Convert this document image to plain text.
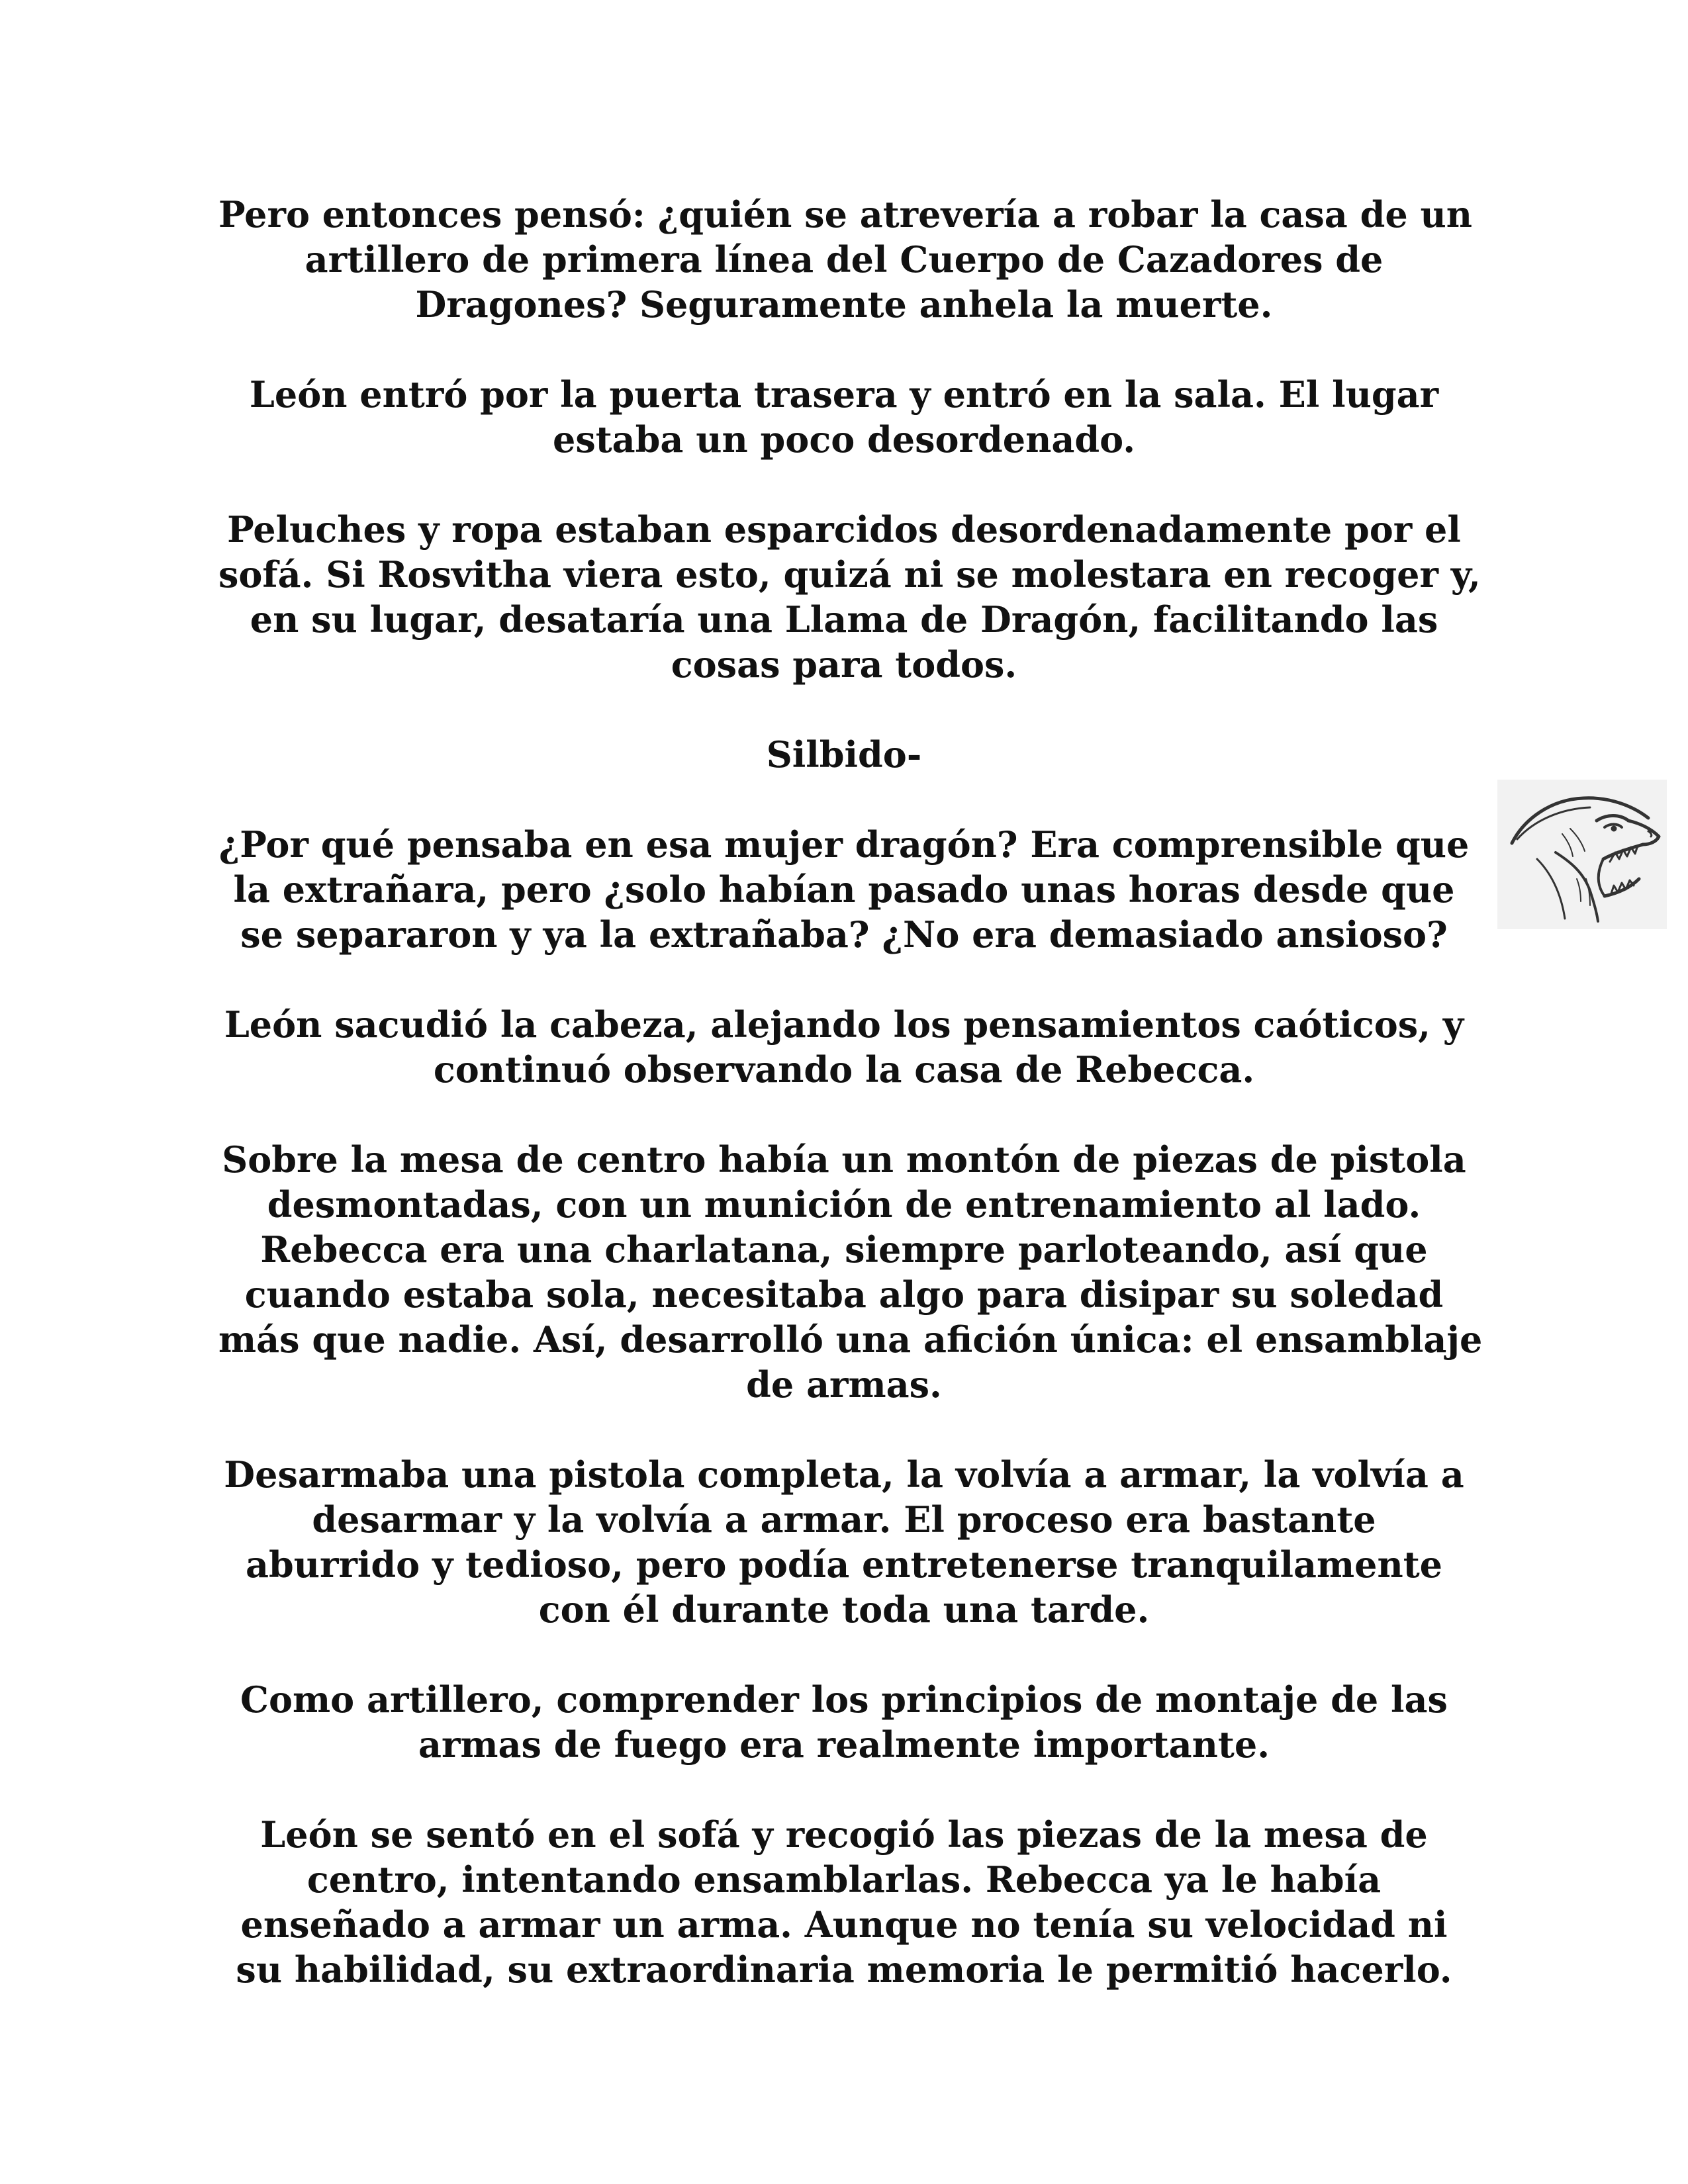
Pero entonces pensó: ¿quién se atrevería a robar la casa de un
artillero de primera línea del Cuerpo de Cazadores de
Dragones? Seguramente anhela la muerte.

León entró por la puerta trasera y entró en la sala. El lugar
estaba un poco desordenado.

Peluches y ropa estaban esparcidos desordenadamente por el
sofá. Si Rosvitha viera esto, quizá ni se molestara en recoger y,
en su lugar, desataría una Llama de Dragón, facilitando las
cosas para todos.

Silbido-

¿Por qué pensaba en esa mujer dragón? Era comprensible que
la extrañara, pero ¿solo habían pasado unas horas desde que
se separaron y ya la extrañaba? ¿No era demasiado ansioso?

León sacudió la cabeza, alejando los pensamientos caóticos, y
continuó observando la casa de Rebecca.

Sobre la mesa de centro había un montón de piezas de pistola
desmontadas, con un munición de entrenamiento al lado.
Rebecca era una charlatana, siempre parloteando, así que
cuando estaba sola, necesitaba algo para disipar su soledad
más que nadie. Así, desarrolló una afición única: el ensamblaje
de armas.

Desarmaba una pistola completa, la volvía a armar, la volvía a
desarmar y la volvía a armar. El proceso era bastante
aburrido y tedioso, pero podía entretenerse tranquilamente
con él durante toda una tarde.

Como artillero, comprender los principios de montaje de las
armas de fuego era realmente importante.

León se sentó en el sofá y recogió las piezas de la mesa de
centro, intentando ensamblarlas. Rebecca ya le había
enseñado a armar un arma. Aunque no tenía su velocidad ni
su habilidad, su extraordinaria memoria le permitió hacerlo.
